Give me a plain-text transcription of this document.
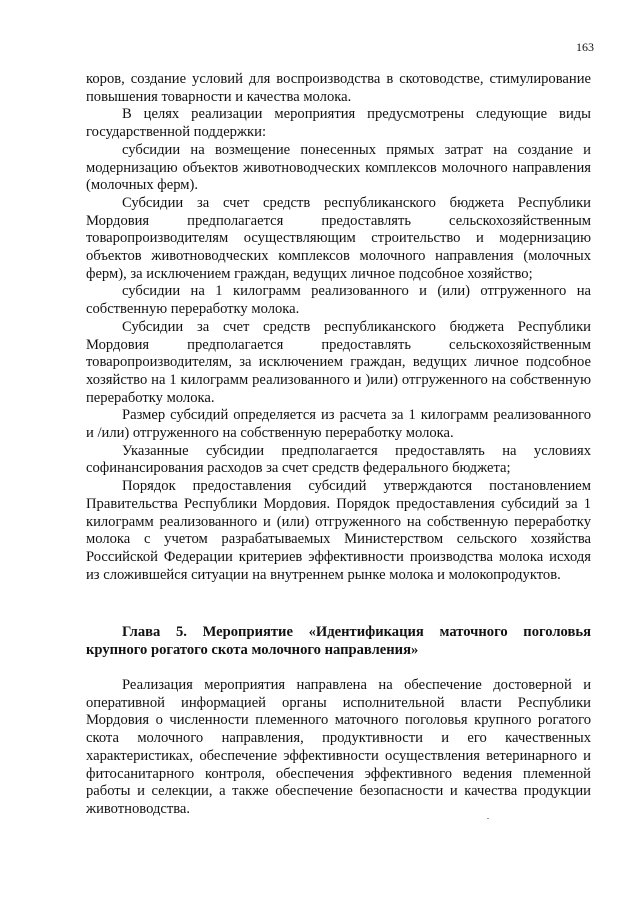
163

коров, создание условий для воспроизводства в скотоводстве, стимулирование повышения товарности и качества молока.

В целях реализации мероприятия предусмотрены следующие виды государственной поддержки:

субсидии на возмещение понесенных прямых затрат на создание и модернизацию объектов животноводческих комплексов молочного направления (молочных ферм).

Субсидии за счет средств республиканского бюджета Республики Мордовия предполагается предоставлять сельскохозяйственным товаропроизводителям осуществляющим строительство и модернизацию объектов животноводческих комплексов молочного направления (молочных ферм), за исключением граждан, ведущих личное подсобное хозяйство;

субсидии на 1 килограмм реализованного и (или) отгруженного на собственную переработку молока.

Субсидии за счет средств республиканского бюджета Республики Мордовия предполагается предоставлять сельскохозяйственным товаропроизводителям, за исключением граждан, ведущих личное подсобное хозяйство на 1 килограмм реализованного и )или) отгруженного на собственную переработку молока.

Размер субсидий определяется из расчета за 1 килограмм реализованного и /или) отгруженного на собственную переработку молока.

Указанные субсидии предполагается предоставлять на условиях софинансирования расходов за счет средств федерального бюджета;

Порядок предоставления субсидий утверждаются постановлением Правительства Республики Мордовия. Порядок предоставления субсидий за 1 килограмм реализованного и (или) отгруженного на собственную переработку молока с учетом разрабатываемых Министерством сельского хозяйства Российской Федерации критериев эффективности производства молока исходя из сложившейся ситуации на внутреннем рынке молока и молокопродуктов.

Глава 5. Мероприятие «Идентификация маточного поголовья крупного рогатого скота молочного направления»

Реализация мероприятия направлена на обеспечение достоверной и оперативной информацией органы исполнительной власти Республики Мордовия о численности племенного маточного поголовья крупного рогатого скота молочного направления, продуктивности и его качественных характеристиках, обеспечение эффективности осуществления ветеринарного и фитосанитарного контроля, обеспечения эффективного ведения племенной работы и селекции, а также обеспечение безопасности и качества продукции животноводства.
